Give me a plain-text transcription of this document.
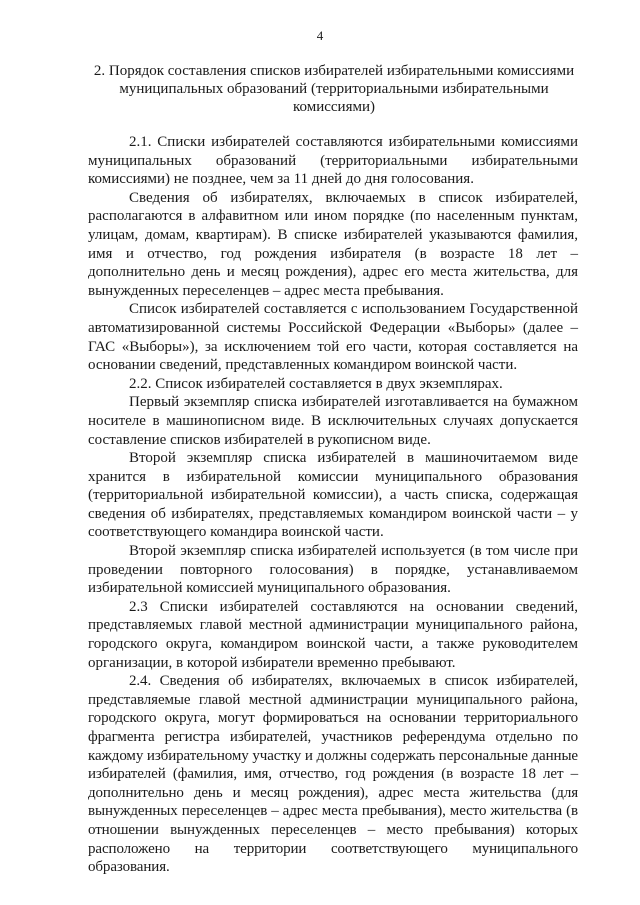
4
2. Порядок составления списков избирателей избирательными комиссиями муниципальных образований (территориальными избирательными комиссиями)

2.1. Списки избирателей составляются избирательными комиссиями муниципальных образований (территориальными избирательными комиссиями) не позднее, чем за 11 дней до дня голосования.

Сведения об избирателях, включаемых в список избирателей, располагаются в алфавитном или ином порядке (по населенным пунктам, улицам, домам, квартирам). В списке избирателей указываются фамилия, имя и отчество, год рождения избирателя (в возрасте 18 лет – дополнительно день и месяц рождения), адрес его места жительства, для вынужденных переселенцев – адрес места пребывания.

Список избирателей составляется с использованием Государственной автоматизированной системы Российской Федерации «Выборы» (далее – ГАС «Выборы»), за исключением той его части, которая составляется на основании сведений, представленных командиром воинской части.

2.2. Список избирателей составляется в двух экземплярах.

Первый экземпляр списка избирателей изготавливается на бумажном носителе в машинописном виде. В исключительных случаях допускается составление списков избирателей в рукописном виде.

Второй экземпляр списка избирателей в машиночитаемом виде хранится в избирательной комиссии муниципального образования (территориальной избирательной комиссии), а часть списка, содержащая сведения об избирателях, представляемых командиром воинской части – у соответствующего командира воинской части.

Второй экземпляр списка избирателей используется (в том числе при проведении повторного голосования) в порядке, устанавливаемом избирательной комиссией муниципального образования.

2.3 Списки избирателей составляются на основании сведений, представляемых главой местной администрации муниципального района, городского округа, командиром воинской части, а также руководителем организации, в которой избиратели временно пребывают.

2.4. Сведения об избирателях, включаемых в список избирателей, представляемые главой местной администрации муниципального района, городского округа, могут формироваться на основании территориального фрагмента регистра избирателей, участников референдума отдельно по каждому избирательному участку и должны содержать персональные данные избирателей (фамилия, имя, отчество, год рождения (в возрасте 18 лет – дополнительно день и месяц рождения), адрес места жительства (для вынужденных переселенцев – адрес места пребывания), место жительства (в отношении вынужденных переселенцев – место пребывания) которых расположено на территории соответствующего муниципального образования.
